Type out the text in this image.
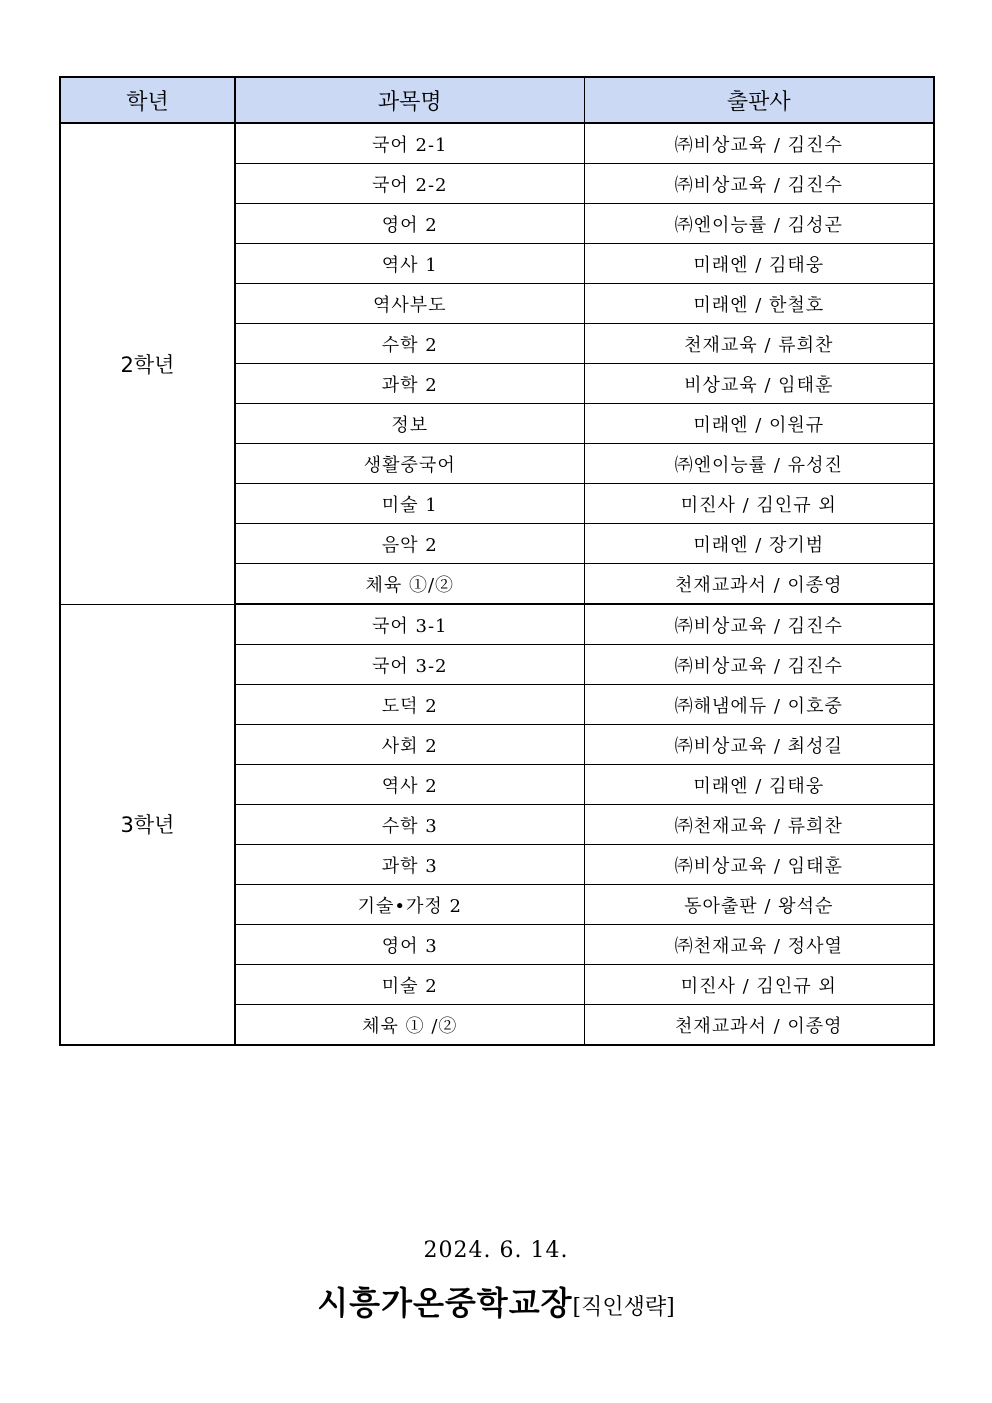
학년	과목명	출판사
2학년	국어 2-1	㈜비상교육 / 김진수
	국어 2-2	㈜비상교육 / 김진수
	영어 2	㈜엔이능률 / 김성곤
	역사 1	미래엔 / 김태웅
	역사부도	미래엔 / 한철호
	수학 2	천재교육 / 류희찬
	과학 2	비상교육 / 임태훈
	정보	미래엔 / 이원규
	생활중국어	㈜엔이능률 / 유성진
	미술 1	미진사 / 김인규 외
	음악 2	미래엔 / 장기범
	체육 ①/②	천재교과서 / 이종영
3학년	국어 3-1	㈜비상교육 / 김진수
	국어 3-2	㈜비상교육 / 김진수
	도덕 2	㈜해냄에듀 / 이호중
	사회 2	㈜비상교육 / 최성길
	역사 2	미래엔 / 김태웅
	수학 3	㈜천재교육 / 류희찬
	과학 3	㈜비상교육 / 임태훈
	기술•가정 2	동아출판 / 왕석순
	영어 3	㈜천재교육 / 정사열
	미술 2	미진사 / 김인규 외
	체육 ① /②	천재교과서 / 이종영
2024. 6. 14.
시흥가온중학교장[직인생략]
